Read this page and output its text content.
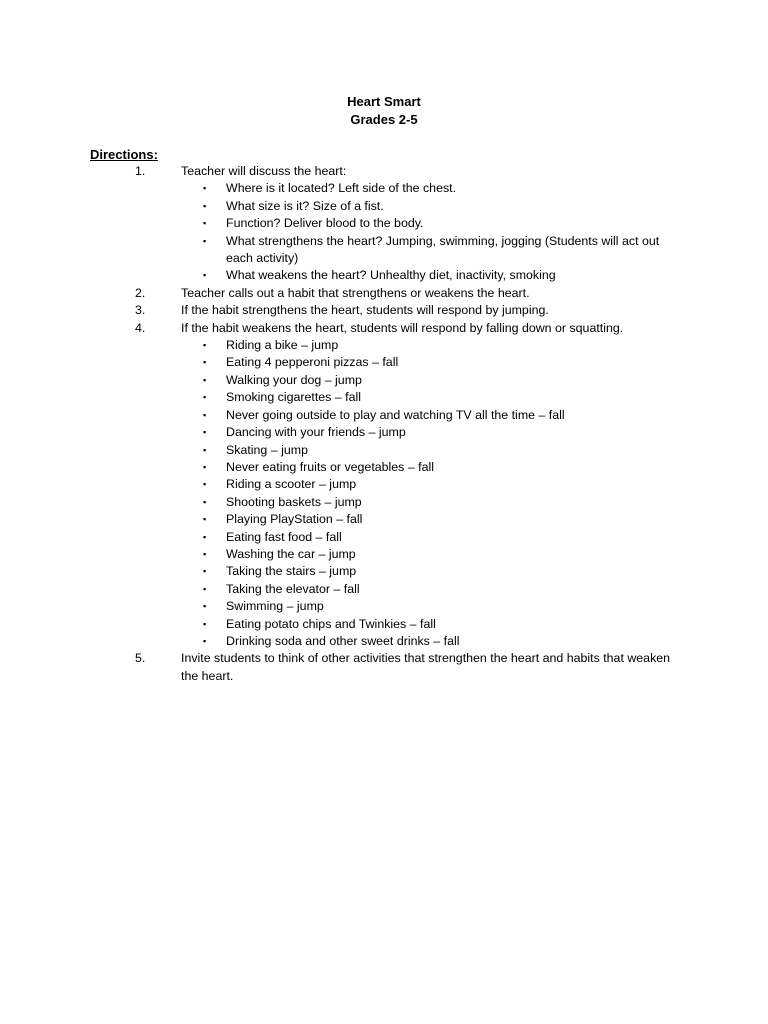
Heart Smart
Grades 2-5
Directions:
1.	Teacher will discuss the heart:
▪ Where is it located? Left side of the chest.
▪ What size is it? Size of a fist.
▪ Function? Deliver blood to the body.
▪ What strengthens the heart? Jumping, swimming, jogging (Students will act out each activity)
▪ What weakens the heart? Unhealthy diet, inactivity, smoking
2.	Teacher calls out a habit that strengthens or weakens the heart.
3.	If the habit strengthens the heart, students will respond by jumping.
4.	If the habit weakens the heart, students will respond by falling down or squatting.
▪ Riding a bike – jump
▪ Eating 4 pepperoni pizzas – fall
▪ Walking your dog – jump
▪ Smoking cigarettes – fall
▪ Never going outside to play and watching TV all the time – fall
▪ Dancing with your friends – jump
▪ Skating – jump
▪ Never eating fruits or vegetables – fall
▪ Riding a scooter – jump
▪ Shooting baskets – jump
▪ Playing PlayStation – fall
▪ Eating fast food – fall
▪ Washing the car – jump
▪ Taking the stairs – jump
▪ Taking the elevator – fall
▪ Swimming – jump
▪ Eating potato chips and Twinkies – fall
▪ Drinking soda and other sweet drinks – fall
5.	Invite students to think of other activities that strengthen the heart and habits that weaken the heart.
